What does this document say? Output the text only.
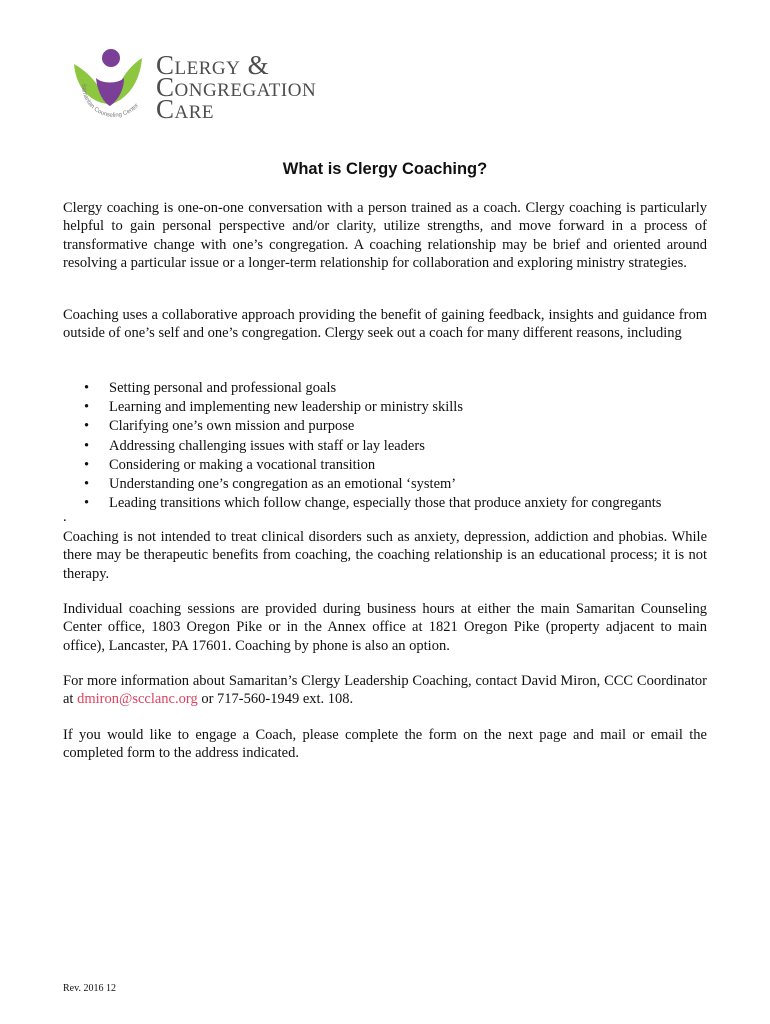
Samaritan Counseling Center
Clergy &
Congregation
Care
What is Clergy Coaching?

Clergy coaching is one-on-one conversation with a person trained as a coach. Clergy coaching is particularly helpful to gain personal perspective and/or clarity, utilize strengths, and move forward in a process of transformative change with one’s congregation. A coaching relationship may be brief and oriented around resolving a particular issue or a longer-term relationship for collaboration and exploring ministry strategies.

Coaching uses a collaborative approach providing the benefit of gaining feedback, insights and guidance from outside of one’s self and one’s congregation. Clergy seek out a coach for many different reasons, including

• Setting personal and professional goals
• Learning and implementing new leadership or ministry skills
• Clarifying one’s own mission and purpose
• Addressing challenging issues with staff or lay leaders
• Considering or making a vocational transition
• Understanding one’s congregation as an emotional ‘system’
• Leading transitions which follow change, especially those that produce anxiety for congregants
.

Coaching is not intended to treat clinical disorders such as anxiety, depression, addiction and phobias. While there may be therapeutic benefits from coaching, the coaching relationship is an educational process; it is not therapy.

Individual coaching sessions are provided during business hours at either the main Samaritan Counseling Center office, 1803 Oregon Pike or in the Annex office at 1821 Oregon Pike (property adjacent to main office), Lancaster, PA 17601. Coaching by phone is also an option.

For more information about Samaritan’s Clergy Leadership Coaching, contact David Miron, CCC Coordinator at dmiron@scclanc.org or 717-560-1949 ext. 108.

If you would like to engage a Coach, please complete the form on the next page and mail or email the completed form to the address indicated.

Rev. 2016 12
